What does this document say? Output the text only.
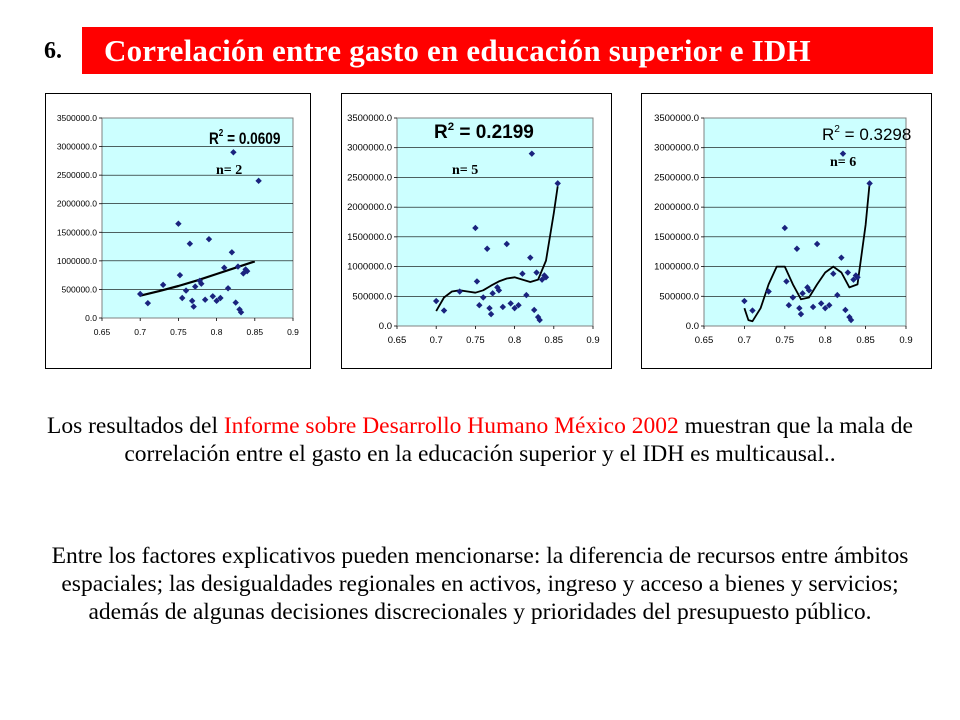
6.	Correlación entre gasto en educación superior e IDH
0.0
500000.0
1000000.0
1500000.0
2000000.0
2500000.0
3000000.0
3500000.0
0.65	0.7	0.75	0.8	0.85	0.9
$R^2 = 0.0609$
n= 2
0.0
500000.0
1000000.0
1500000.0
2000000.0
2500000.0
3000000.0
3500000.0
0.65 0.7 0.75 0.8 0.85 0.9
$R^2 = 0.2199$
n= 5
0.0
500000.0
1000000.0
1500000.0
2000000.0
2500000.0
3000000.0
3500000.0
0.65	0.7	0.75	0.8	0.85	0.9
$R^2 = 0.3298$
n= 6
Los resultados del Informe sobre Desarrollo Humano México 2002 muestran que la mala de correlación entre el gasto en la educación superior y el IDH es multicausal..
Entre los factores explicativos pueden mencionarse: la diferencia de recursos entre ámbitos espaciales; las desigualdades regionales en activos, ingreso y acceso a bienes y servicios; además de algunas decisiones discrecionales y prioridades del presupuesto público.
